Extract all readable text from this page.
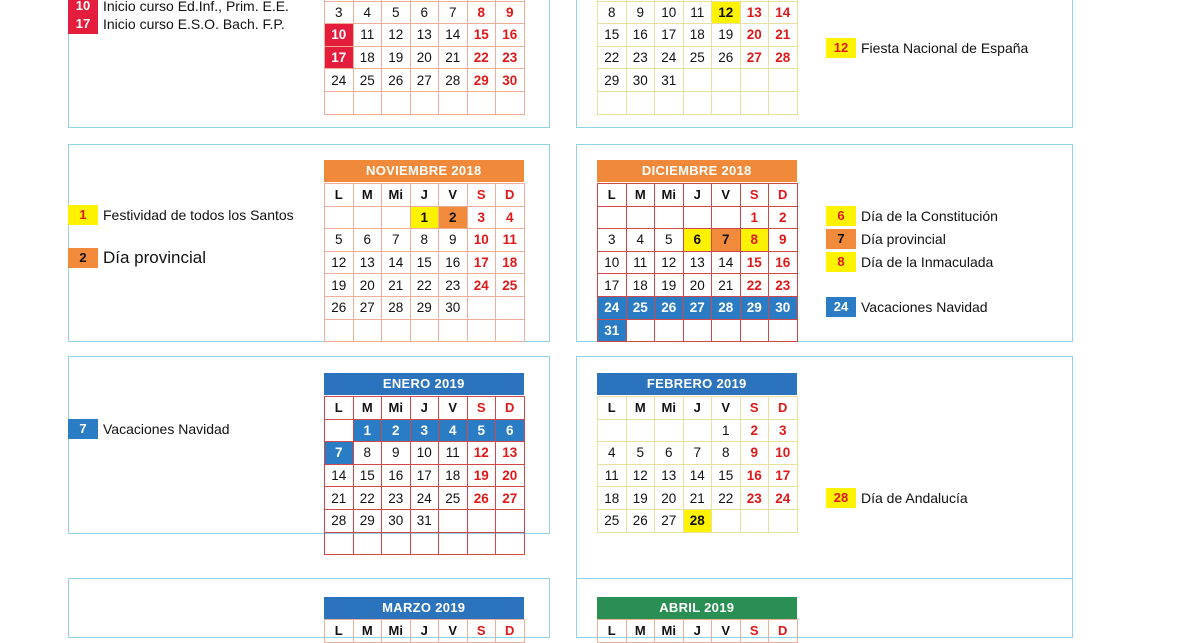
3	4	5	6	7	8	9
10	11	12	13	14	15	16
17	18	19	20	21	22	23
24	25	26	27	28	29	30

8	9	10	11	12	13	14
15	16	17	18	19	20	21
22	23	24	25	26	27	28
29	30	31				

NOVIEMBRE 2018
L	M	Mi	J	V	S	D
			1	2	3	4
5	6	7	8	9	10	11
12	13	14	15	16	17	18
19	20	21	22	23	24	25
26	27	28	29	30		

DICIEMBRE 2018
L	M	Mi	J	V	S	D
					1	2
3	4	5	6	7	8	9
10	11	12	13	14	15	16
17	18	19	20	21	22	23
24	25	26	27	28	29	30
31						
ENERO 2019
L	M	Mi	J	V	S	D
	1	2	3	4	5	6
7	8	9	10	11	12	13
14	15	16	17	18	19	20
21	22	23	24	25	26	27
28	29	30	31			

FEBRERO 2019
L	M	Mi	J	V	S	D
				1	2	3
4	5	6	7	8	9	10
11	12	13	14	15	16	17
18	19	20	21	22	23	24
25	26	27	28			
MARZO 2019
L	M	Mi	J	V	S	D
ABRIL 2019
L	M	Mi	J	V	S	D
10 Inicio curso Ed.Inf., Prim. E.E.
17 Inicio curso E.S.O. Bach. F.P.
12 Fiesta Nacional de España
1	Festividad de todos los Santos
2 Día provincial
6	Día de la Constitución
7	Día provincial
8	Día de la Inmaculada
24 Vacaciones Navidad
7	Vacaciones Navidad
28 Día de Andalucía
